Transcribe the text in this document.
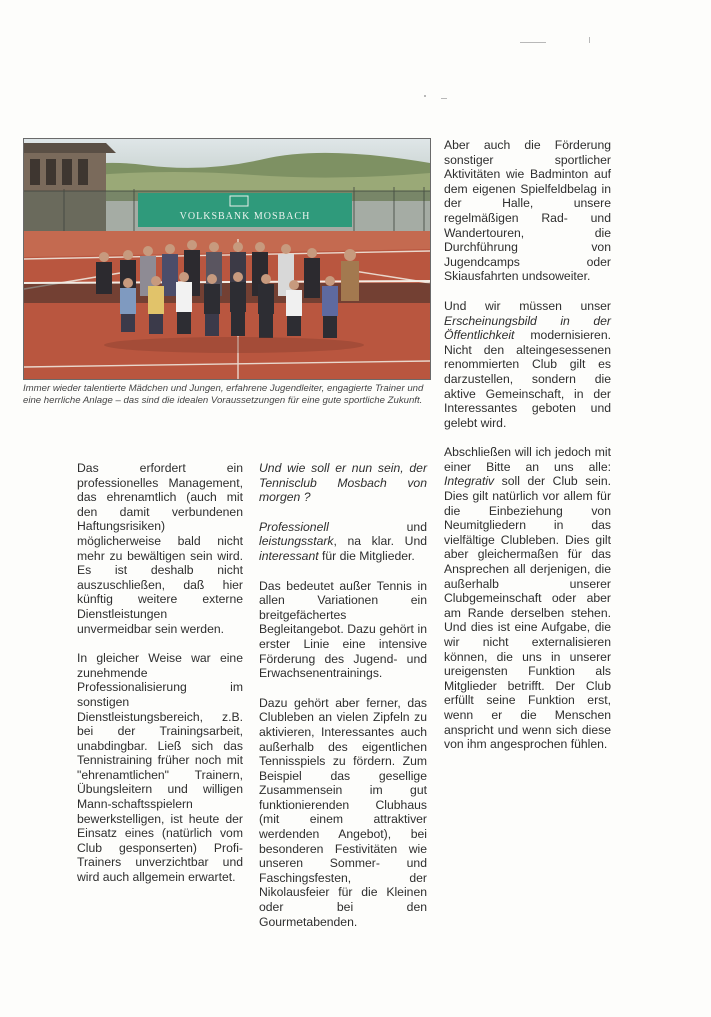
VOLKSBANK MOSBACH
Immer wieder talentierte Mädchen und Jungen, erfahrene Jugendleiter, engagierte Trainer und eine herrliche Anlage – das sind die idealen Voraussetzungen für eine gute sportliche Zukunft.

Das erfordert ein professionelles Management, das ehrenamtlich (auch mit den damit verbundenen Haftungsrisiken) möglicherweise bald nicht mehr zu bewältigen sein wird. Es ist deshalb nicht auszuschließen, daß hier künftig weitere externe Dienstleistungen unvermeidbar sein werden.

In gleicher Weise war eine zunehmende Professionalisierung im sonstigen Dienstleistungsbereich, z.B. bei der Trainingsarbeit, unabdingbar. Ließ sich das Tennistraining früher noch mit "ehrenamtlichen" Trainern, Übungsleitern und willigen Mann-schaftsspielern bewerkstelligen, ist heute der Einsatz eines (natürlich vom Club gesponserten) Profi-Trainers unverzichtbar und wird auch allgemein erwartet.

Und wie soll er nun sein, der Tennisclub Mosbach von morgen ?

Professionell und leistungsstark, na klar. Und interessant für die Mitglieder.

Das bedeutet außer Tennis in allen Variationen ein breitgefächertes Begleitangebot. Dazu gehört in erster Linie eine intensive Förderung des Jugend- und Erwachsenentrainings.

Dazu gehört aber ferner, das Clubleben an vielen Zipfeln zu aktivieren, Interessantes auch außerhalb des eigentlichen Tennisspiels zu fördern. Zum Beispiel das gesellige Zusammensein im gut funktionierenden Clubhaus (mit einem attraktiver werdenden Angebot), bei besonderen Festivitäten wie unseren Sommer- und Faschingsfesten, der Nikolausfeier für die Kleinen oder bei den Gourmetabenden.

Aber auch die Förderung sonstiger sportlicher Aktivitäten wie Badminton auf dem eigenen Spielfeldbelag in der Halle, unsere regelmäßigen Rad- und Wandertouren, die Durchführung von Jugendcamps oder Skiausfahrten undsoweiter.

Und wir müssen unser Erscheinungsbild in der Öffentlichkeit modernisieren. Nicht den alteingesessenen renommierten Club gilt es darzustellen, sondern die aktive Gemeinschaft, in der Interessantes geboten und gelebt wird.

Abschließen will ich jedoch mit einer Bitte an uns alle: Integrativ soll der Club sein. Dies gilt natürlich vor allem für die Einbeziehung von Neumitgliedern in das vielfältige Clubleben. Dies gilt aber gleichermaßen für das Ansprechen all derjenigen, die außerhalb unserer Clubgemeinschaft oder aber am Rande derselben stehen. Und dies ist eine Aufgabe, die wir nicht externalisieren können, die uns in unserer ureigensten Funktion als Mitglieder betrifft. Der Club erfüllt seine Funktion erst, wenn er die Menschen anspricht und wenn sich diese von ihm angesprochen fühlen.
